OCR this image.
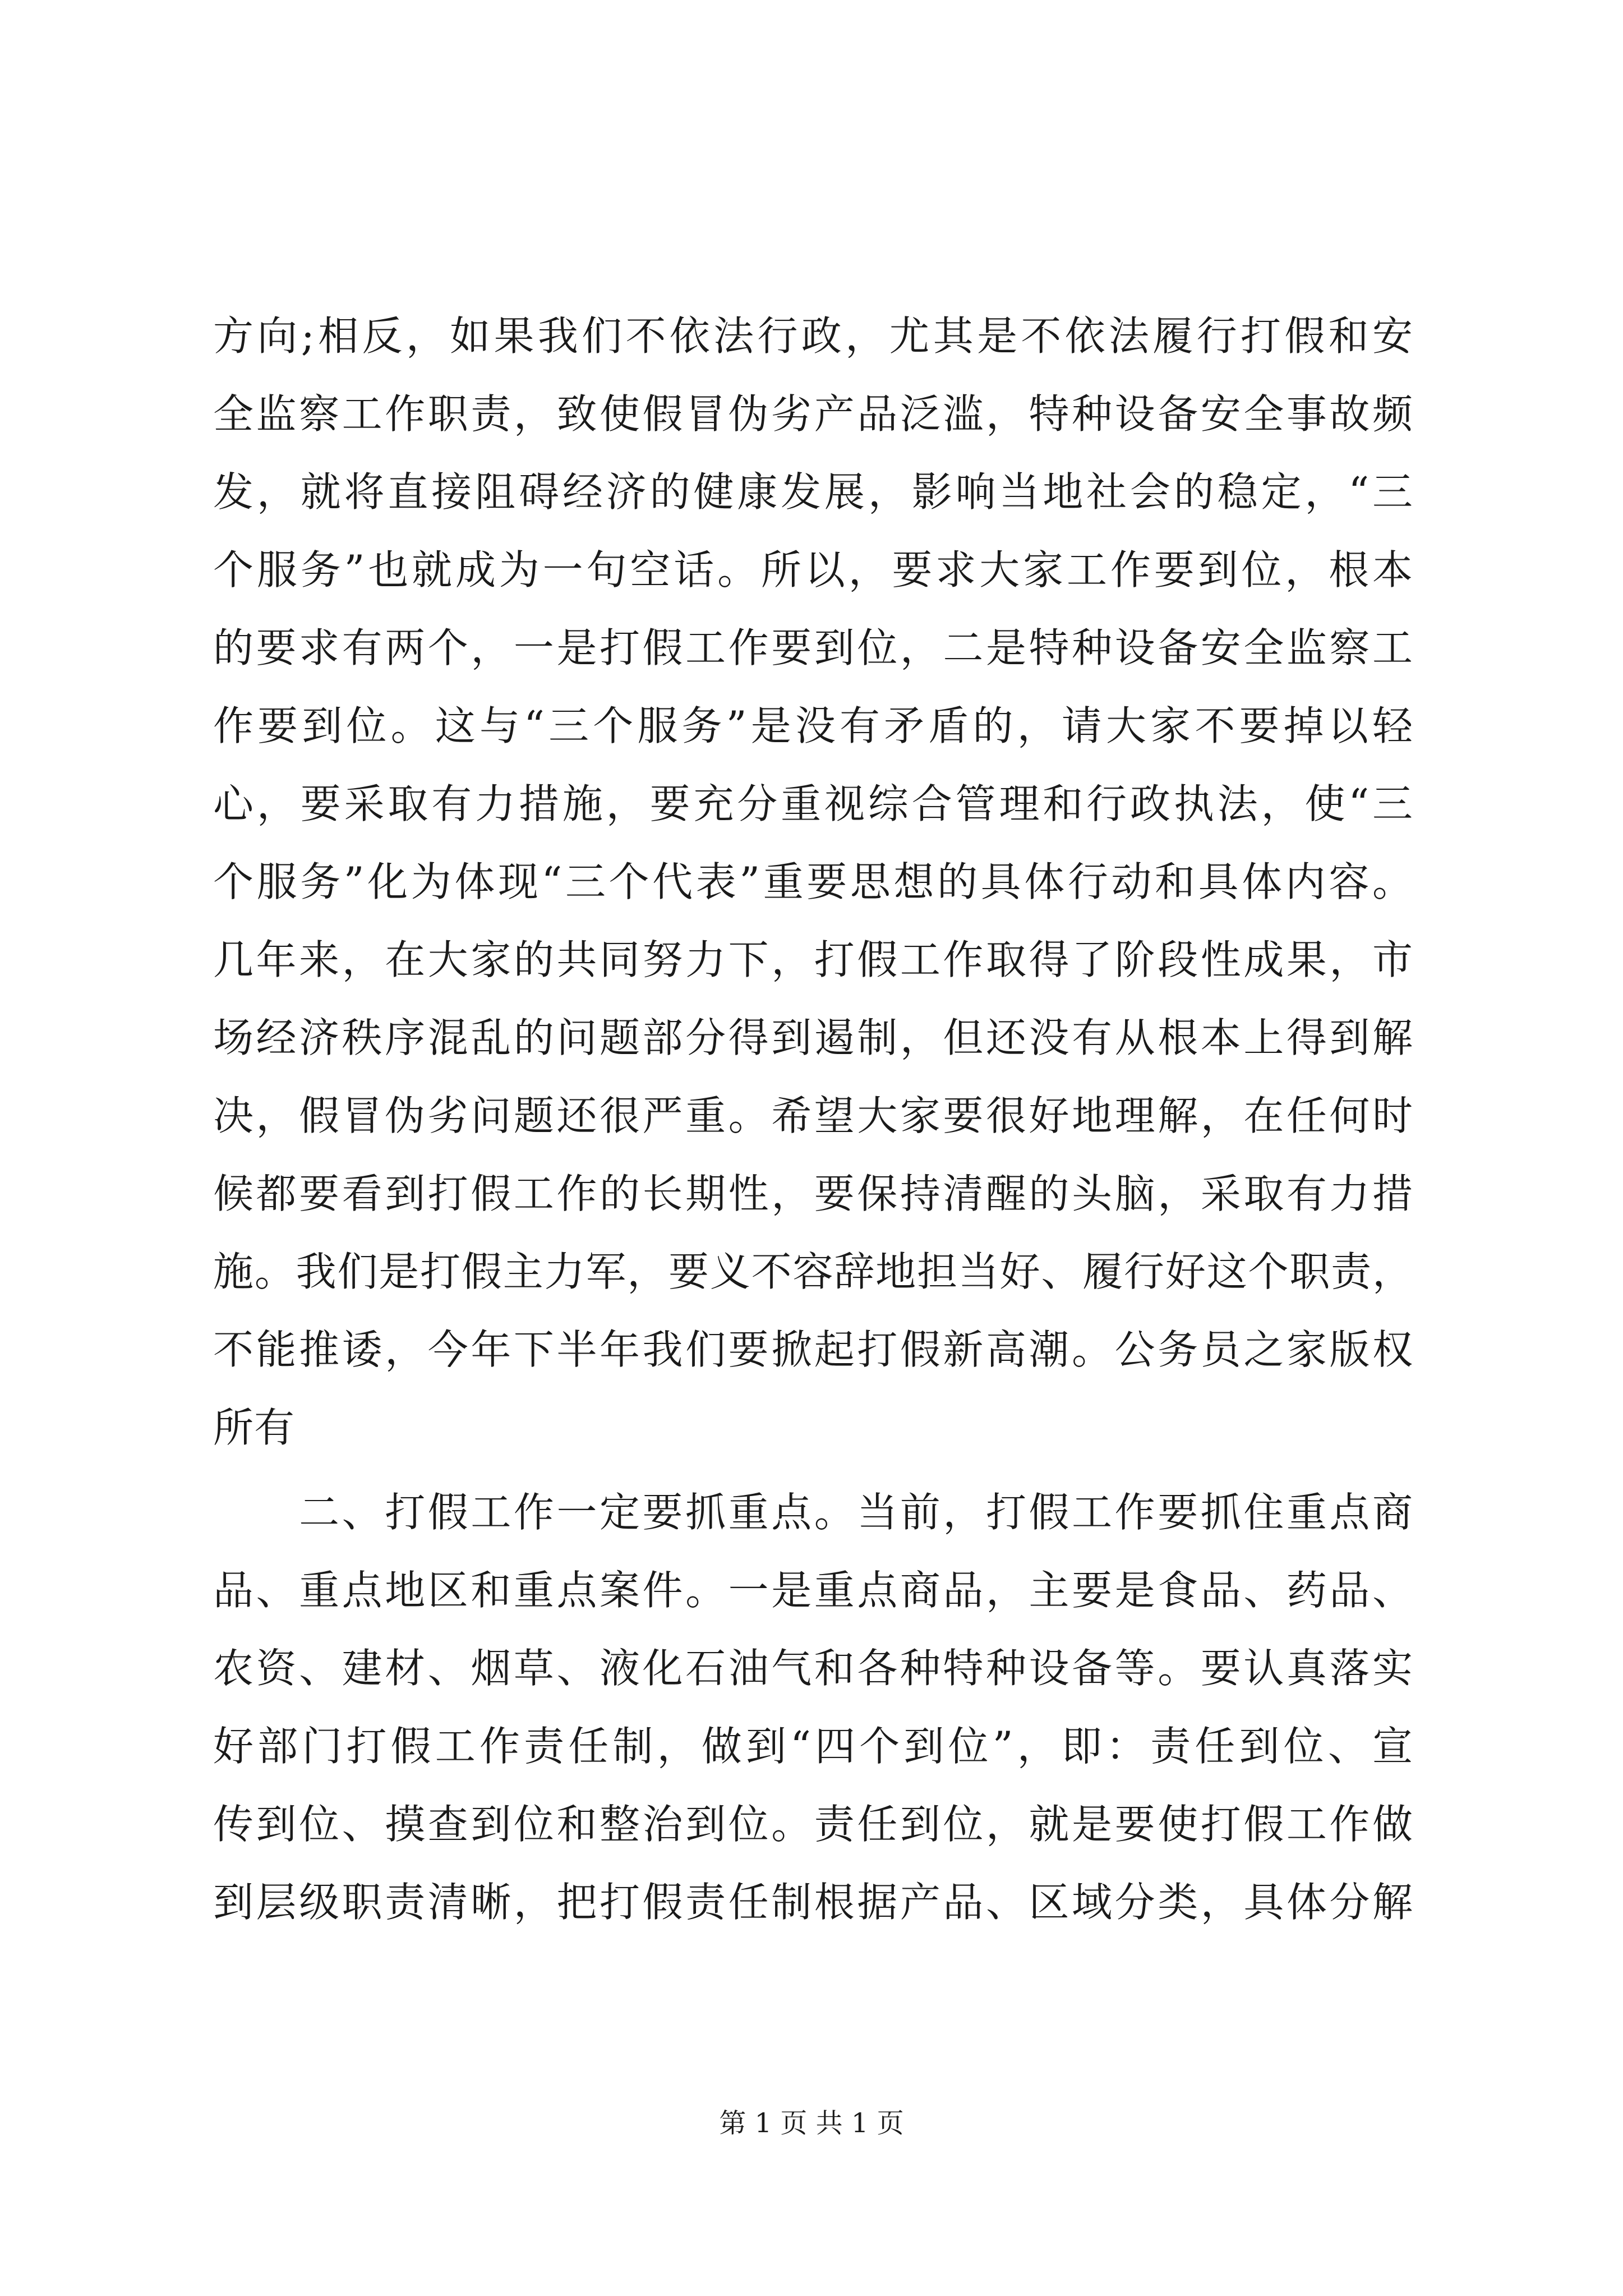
方向;相反，如果我们不依法行政，尤其是不依法履行打假和安
全监察工作职责，致使假冒伪劣产品泛滥，特种设备安全事故频
发，就将直接阻碍经济的健康发展，影响当地社会的稳定，“三
个服务”也就成为一句空话。所以，要求大家工作要到位，根本
的要求有两个，一是打假工作要到位，二是特种设备安全监察工
作要到位。这与“三个服务”是没有矛盾的，请大家不要掉以轻
心，要采取有力措施，要充分重视综合管理和行政执法，使“三
个服务”化为体现“三个代表”重要思想的具体行动和具体内容。
几年来，在大家的共同努力下，打假工作取得了阶段性成果，市
场经济秩序混乱的问题部分得到遏制，但还没有从根本上得到解
决，假冒伪劣问题还很严重。希望大家要很好地理解，在任何时
候都要看到打假工作的长期性，要保持清醒的头脑，采取有力措
施。我们是打假主力军，要义不容辞地担当好、履行好这个职责，
不能推诿，今年下半年我们要掀起打假新高潮。公务员之家版权
所有
　　二、打假工作一定要抓重点。当前，打假工作要抓住重点商
品、重点地区和重点案件。一是重点商品，主要是食品、药品、
农资、建材、烟草、液化石油气和各种特种设备等。要认真落实
好部门打假工作责任制，做到“四个到位”，即：责任到位、宣
传到位、摸查到位和整治到位。责任到位，就是要使打假工作做
到层级职责清晰，把打假责任制根据产品、区域分类，具体分解
第 1 页 共 1 页
